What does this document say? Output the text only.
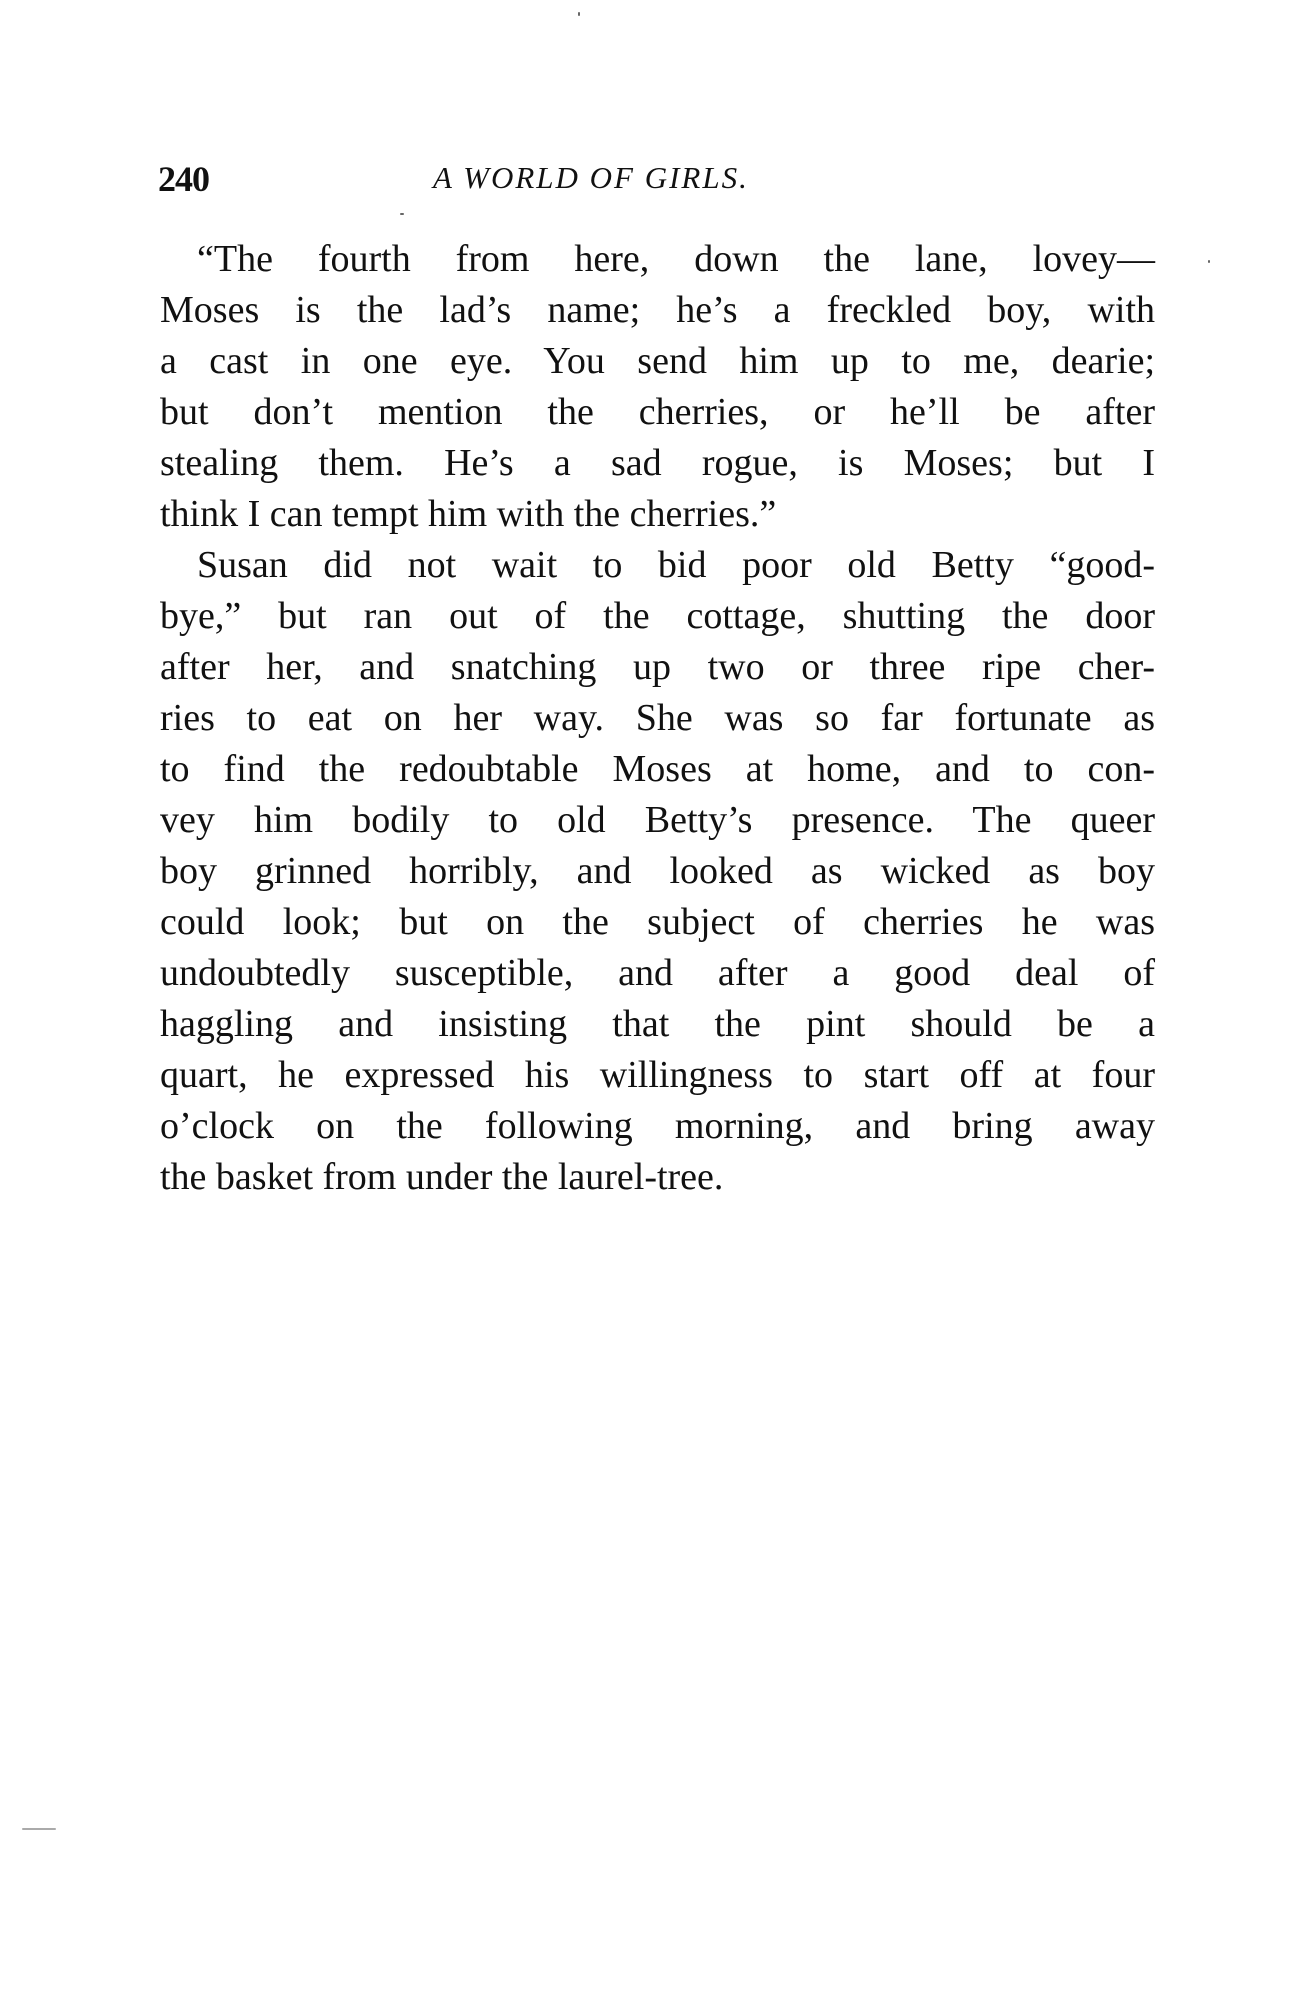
240	A WORLD OF GIRLS.
“The fourth from here, down the lane, lovey—
Moses is the lad’s name; he’s a freckled boy, with
a cast in one eye. You send him up to me, dearie;
but don’t mention the cherries, or he’ll be after
stealing them. He’s a sad rogue, is Moses; but I
think I can tempt him with the cherries.”
Susan did not wait to bid poor old Betty “good-
bye,” but ran out of the cottage, shutting the door
after her, and snatching up two or three ripe cher-
ries to eat on her way. She was so far fortunate as
to find the redoubtable Moses at home, and to con-
vey him bodily to old Betty’s presence. The queer
boy grinned horribly, and looked as wicked as boy
could look; but on the subject of cherries he was
undoubtedly susceptible, and after a good deal of
haggling and insisting that the pint should be a
quart, he expressed his willingness to start off at four
o’clock on the following morning, and bring away
the basket from under the laurel-tree.
